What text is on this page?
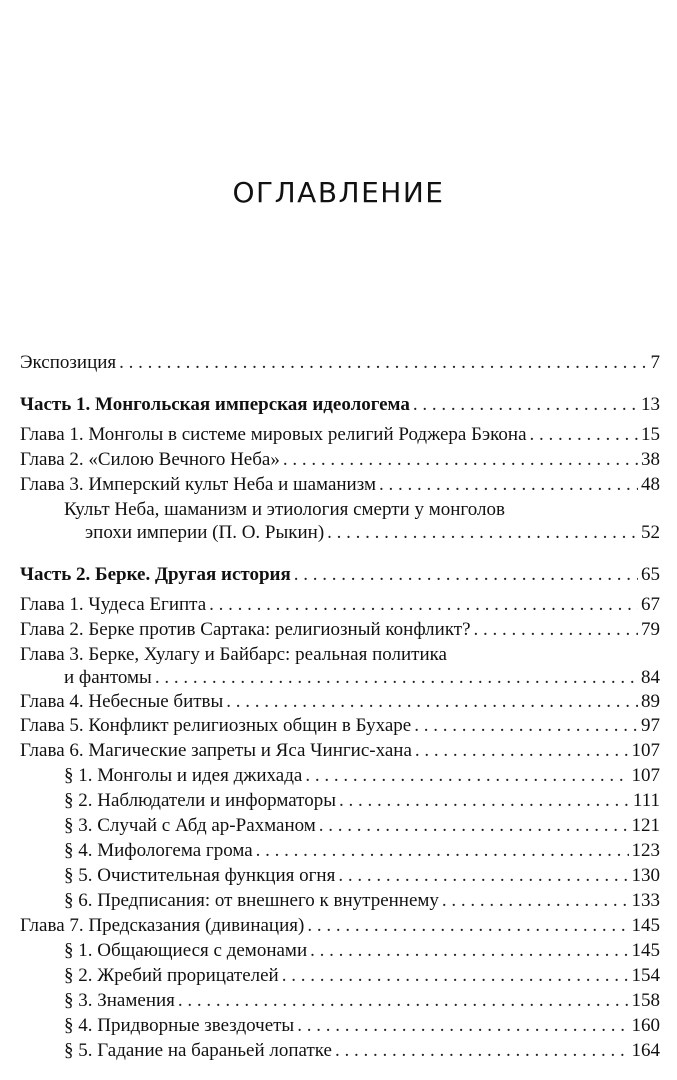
ОГЛАВЛЕНИЕ
Экспозиция . . .	7
Часть 1. Монгольская имперская идеологема . . .	13
Глава 1. Монголы в системе мировых религий Роджера Бэкона . . .	15
Глава 2. «Силою Вечного Неба» . . .	38
Глава 3. Имперский культ Неба и шаманизм . . .	48
Культ Неба, шаманизм и этиология смерти у монголов
эпохи империи (П. О. Рыкин) . . .	52
Часть 2. Берке. Другая история . . .	65
Глава 1. Чудеса Египта . . .	67
Глава 2. Берке против Сартака: религиозный конфликт? . . .	79
Глава 3. Берке, Хулагу и Байбарс: реальная политика
и фантомы . . .	84
Глава 4. Небесные битвы . . .	89
Глава 5. Конфликт религиозных общин в Бухаре . . .	97
Глава 6. Магические запреты и Яса Чингис-хана . . .	107
§ 1. Монголы и идея джихада . . .	107
§ 2. Наблюдатели и информаторы . . .	111
§ 3. Случай с Абд ар-Рахманом . . .	121
§ 4. Мифологема грома . . .	123
§ 5. Очистительная функция огня . . .	130
§ 6. Предписания: от внешнего к внутреннему . . .	133
Глава 7. Предсказания (дивинация) . . .	145
§ 1. Общающиеся с демонами . . .	145
§ 2. Жребий прорицателей . . .	154
§ 3. Знамения . . .	158
§ 4. Придворные звездочеты . . .	160
§ 5. Гадание на бараньей лопатке . . .	164
